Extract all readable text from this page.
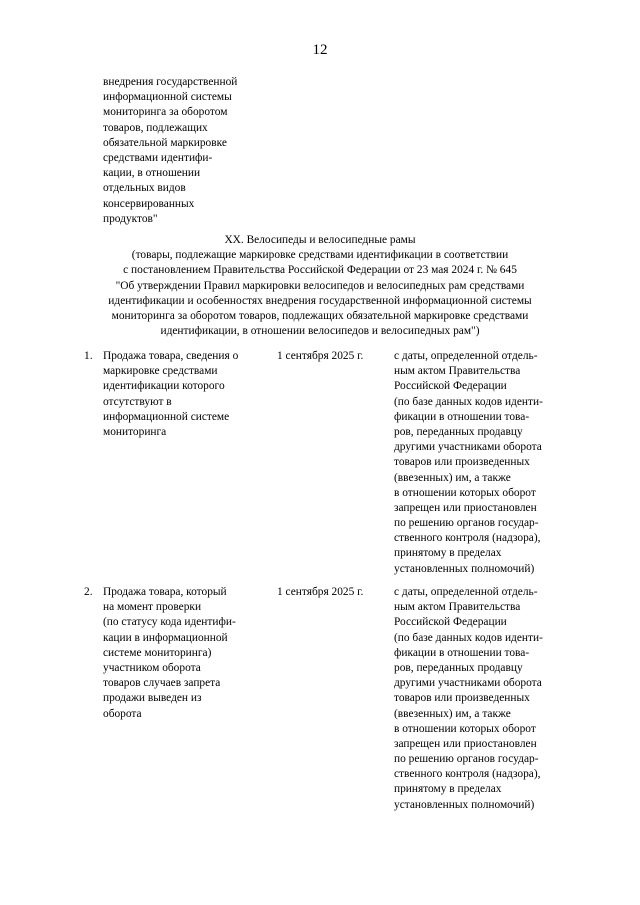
12
внедрения государственной
информационной системы
мониторинга за оборотом
товаров, подлежащих
обязательной маркировке
средствами идентифи-
кации, в отношении
отдельных видов
консервированных
продуктов"
XX. Велосипеды и велосипедные рамы
(товары, подлежащие маркировке средствами идентификации в соответствии
с постановлением Правительства Российской Федерации от 23 мая 2024 г. № 645
"Об утверждении Правил маркировки велосипедов и велосипедных рам средствами
идентификации и особенностях внедрения государственной информационной системы
мониторинга за оборотом товаров, подлежащих обязательной маркировке средствами
идентификации, в отношении велосипедов и велосипедных рам")
1. Продажа товара, сведения о
маркировке средствами
идентификации которого
отсутствуют в
информационной системе
мониторинга
1 сентября 2025 г.	с даты, определенной отдель-
ным актом Правительства
Российской Федерации
(по базе данных кодов иденти-
фикации в отношении това-
ров, переданных продавцу
другими участниками оборота
товаров или произведенных
(ввезенных) им, а также
в отношении которых оборот
запрещен или приостановлен
по решению органов государ-
ственного контроля (надзора),
принятому в пределах
установленных полномочий)
2. Продажа товара, который
на момент проверки
(по статусу кода идентифи-
кации в информационной
системе мониторинга)
участником оборота
товаров случаев запрета
продажи выведен из
оборота
1 сентября 2025 г.	с даты, определенной отдель-
ным актом Правительства
Российской Федерации
(по базе данных кодов иденти-
фикации в отношении това-
ров, переданных продавцу
другими участниками оборота
товаров или произведенных
(ввезенных) им, а также
в отношении которых оборот
запрещен или приостановлен
по решению органов государ-
ственного контроля (надзора),
принятому в пределах
установленных полномочий)
